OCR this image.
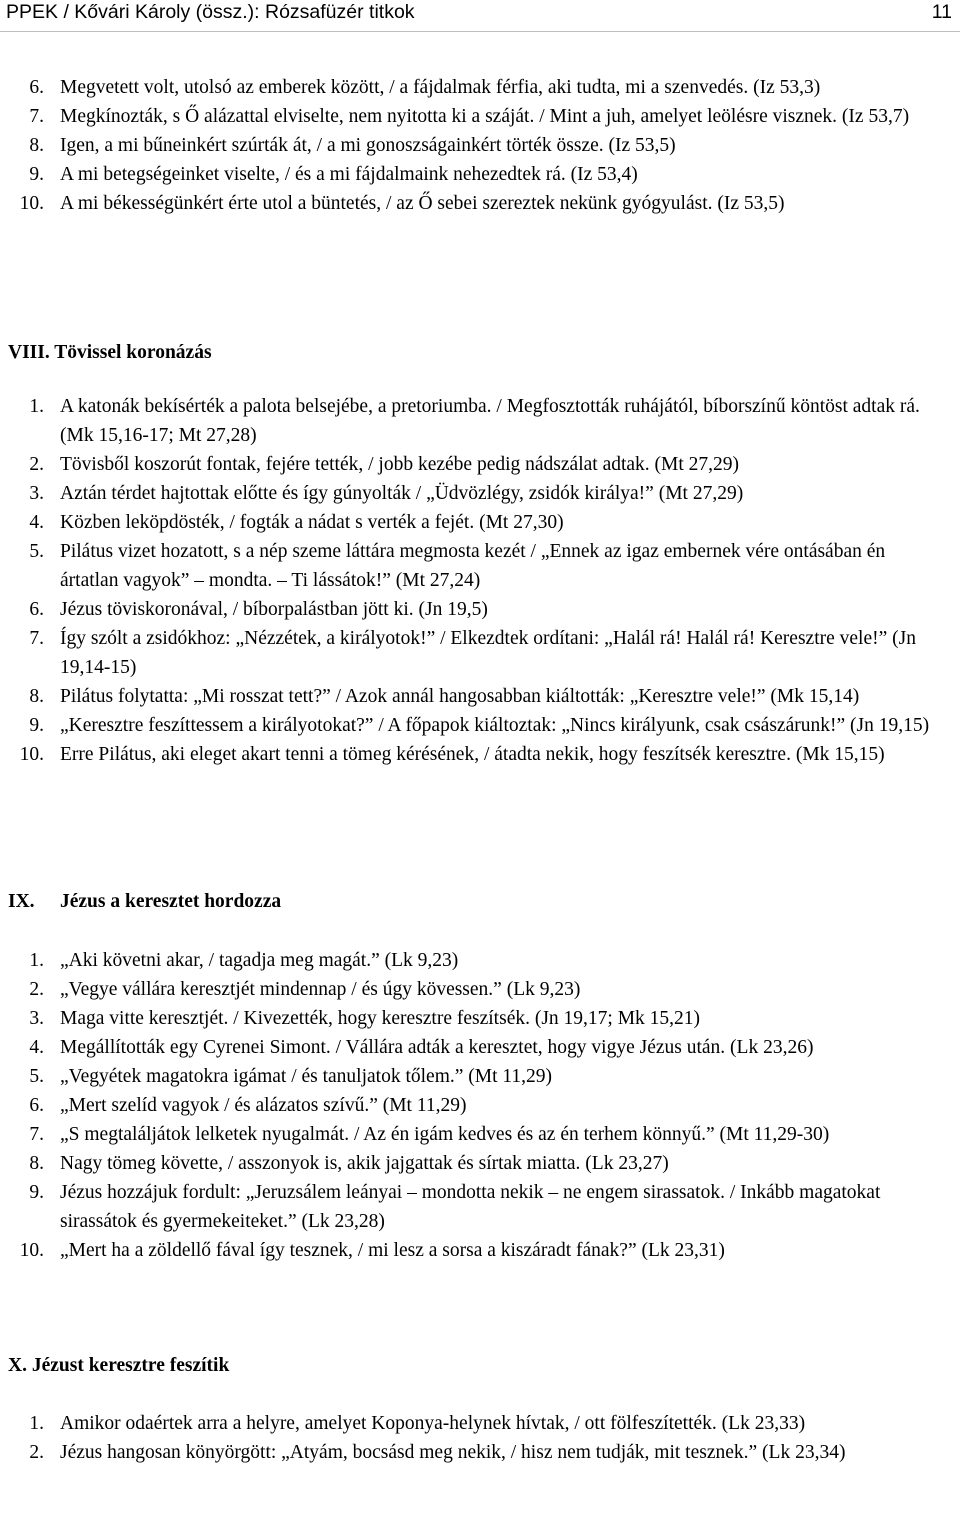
PPEK / Kővári Károly (össz.): Rózsafüzér titkok	11
6. Megvetett volt, utolsó az emberek között, / a fájdalmak férfia, aki tudta, mi a szenvedés. (Iz 53,3)
7. Megkínozták, s Ő alázattal elviselte, nem nyitotta ki a száját. / Mint a juh, amelyet leölésre visznek. (Iz 53,7)
8. Igen, a mi bűneinkért szúrták át, / a mi gonoszságainkért törték össze. (Iz 53,5)
9. A mi betegségeinket viselte, / és a mi fájdalmaink nehezedtek rá. (Iz 53,4)
10. A mi békességünkért érte utol a büntetés, / az Ő sebei szereztek nekünk gyógyulást. (Iz 53,5)
VIII. Tövissel koronázás
1. A katonák bekísérték a palota belsejébe, a pretoriumba. / Megfosztották ruhájától, bíborszínű köntöst adtak rá. (Mk 15,16-17; Mt 27,28)
2. Tövisből koszorút fontak, fejére tették, / jobb kezébe pedig nádszálat adtak. (Mt 27,29)
3. Aztán térdet hajtottak előtte és így gúnyolták / „Üdvözlégy, zsidók királya!” (Mt 27,29)
4. Közben leköpdösték, / fogták a nádat s verték a fejét. (Mt 27,30)
5. Pilátus vizet hozatott, s a nép szeme láttára megmosta kezét / „Ennek az igaz embernek vére ontásában én ártatlan vagyok” – mondta. – Ti lássátok!” (Mt 27,24)
6. Jézus töviskoronával, / bíborpalástban jött ki. (Jn 19,5)
7. Így szólt a zsidókhoz: „Nézzétek, a királyotok!” / Elkezdtek ordítani: „Halál rá! Halál rá! Keresztre vele!” (Jn 19,14-15)
8. Pilátus folytatta: „Mi rosszat tett?” / Azok annál hangosabban kiáltották: „Keresztre vele!” (Mk 15,14)
9. „Keresztre feszíttessem a királyotokat?” / A főpapok kiáltoztak: „Nincs királyunk, csak császárunk!” (Jn 19,15)
10. Erre Pilátus, aki eleget akart tenni a tömeg kérésének, / átadta nekik, hogy feszítsék keresztre. (Mk 15,15)
IX. Jézus a keresztet hordozza
1. „Aki követni akar, / tagadja meg magát.” (Lk 9,23)
2. „Vegye vállára keresztjét mindennap / és úgy kövessen.” (Lk 9,23)
3. Maga vitte keresztjét. / Kivezették, hogy keresztre feszítsék. (Jn 19,17; Mk 15,21)
4. Megállították egy Cyrenei Simont. / Vállára adták a keresztet, hogy vigye Jézus után. (Lk 23,26)
5. „Vegyétek magatokra igámat / és tanuljatok tőlem.” (Mt 11,29)
6. „Mert szelíd vagyok / és alázatos szívű.” (Mt 11,29)
7. „S megtaláljátok lelketek nyugalmát. / Az én igám kedves és az én terhem könnyű.” (Mt 11,29-30)
8. Nagy tömeg követte, / asszonyok is, akik jajgattak és sírtak miatta. (Lk 23,27)
9. Jézus hozzájuk fordult: „Jeruzsálem leányai – mondotta nekik – ne engem sirassatok. / Inkább magatokat sirassátok és gyermekeiteket.” (Lk 23,28)
10. „Mert ha a zöldellő fával így tesznek, / mi lesz a sorsa a kiszáradt fának?” (Lk 23,31)
X. Jézust keresztre feszítik
1. Amikor odaértek arra a helyre, amelyet Koponya-helynek hívtak, / ott fölfeszítették. (Lk 23,33)
2. Jézus hangosan könyörgött: „Atyám, bocsásd meg nekik, / hisz nem tudják, mit tesznek.” (Lk 23,34)
